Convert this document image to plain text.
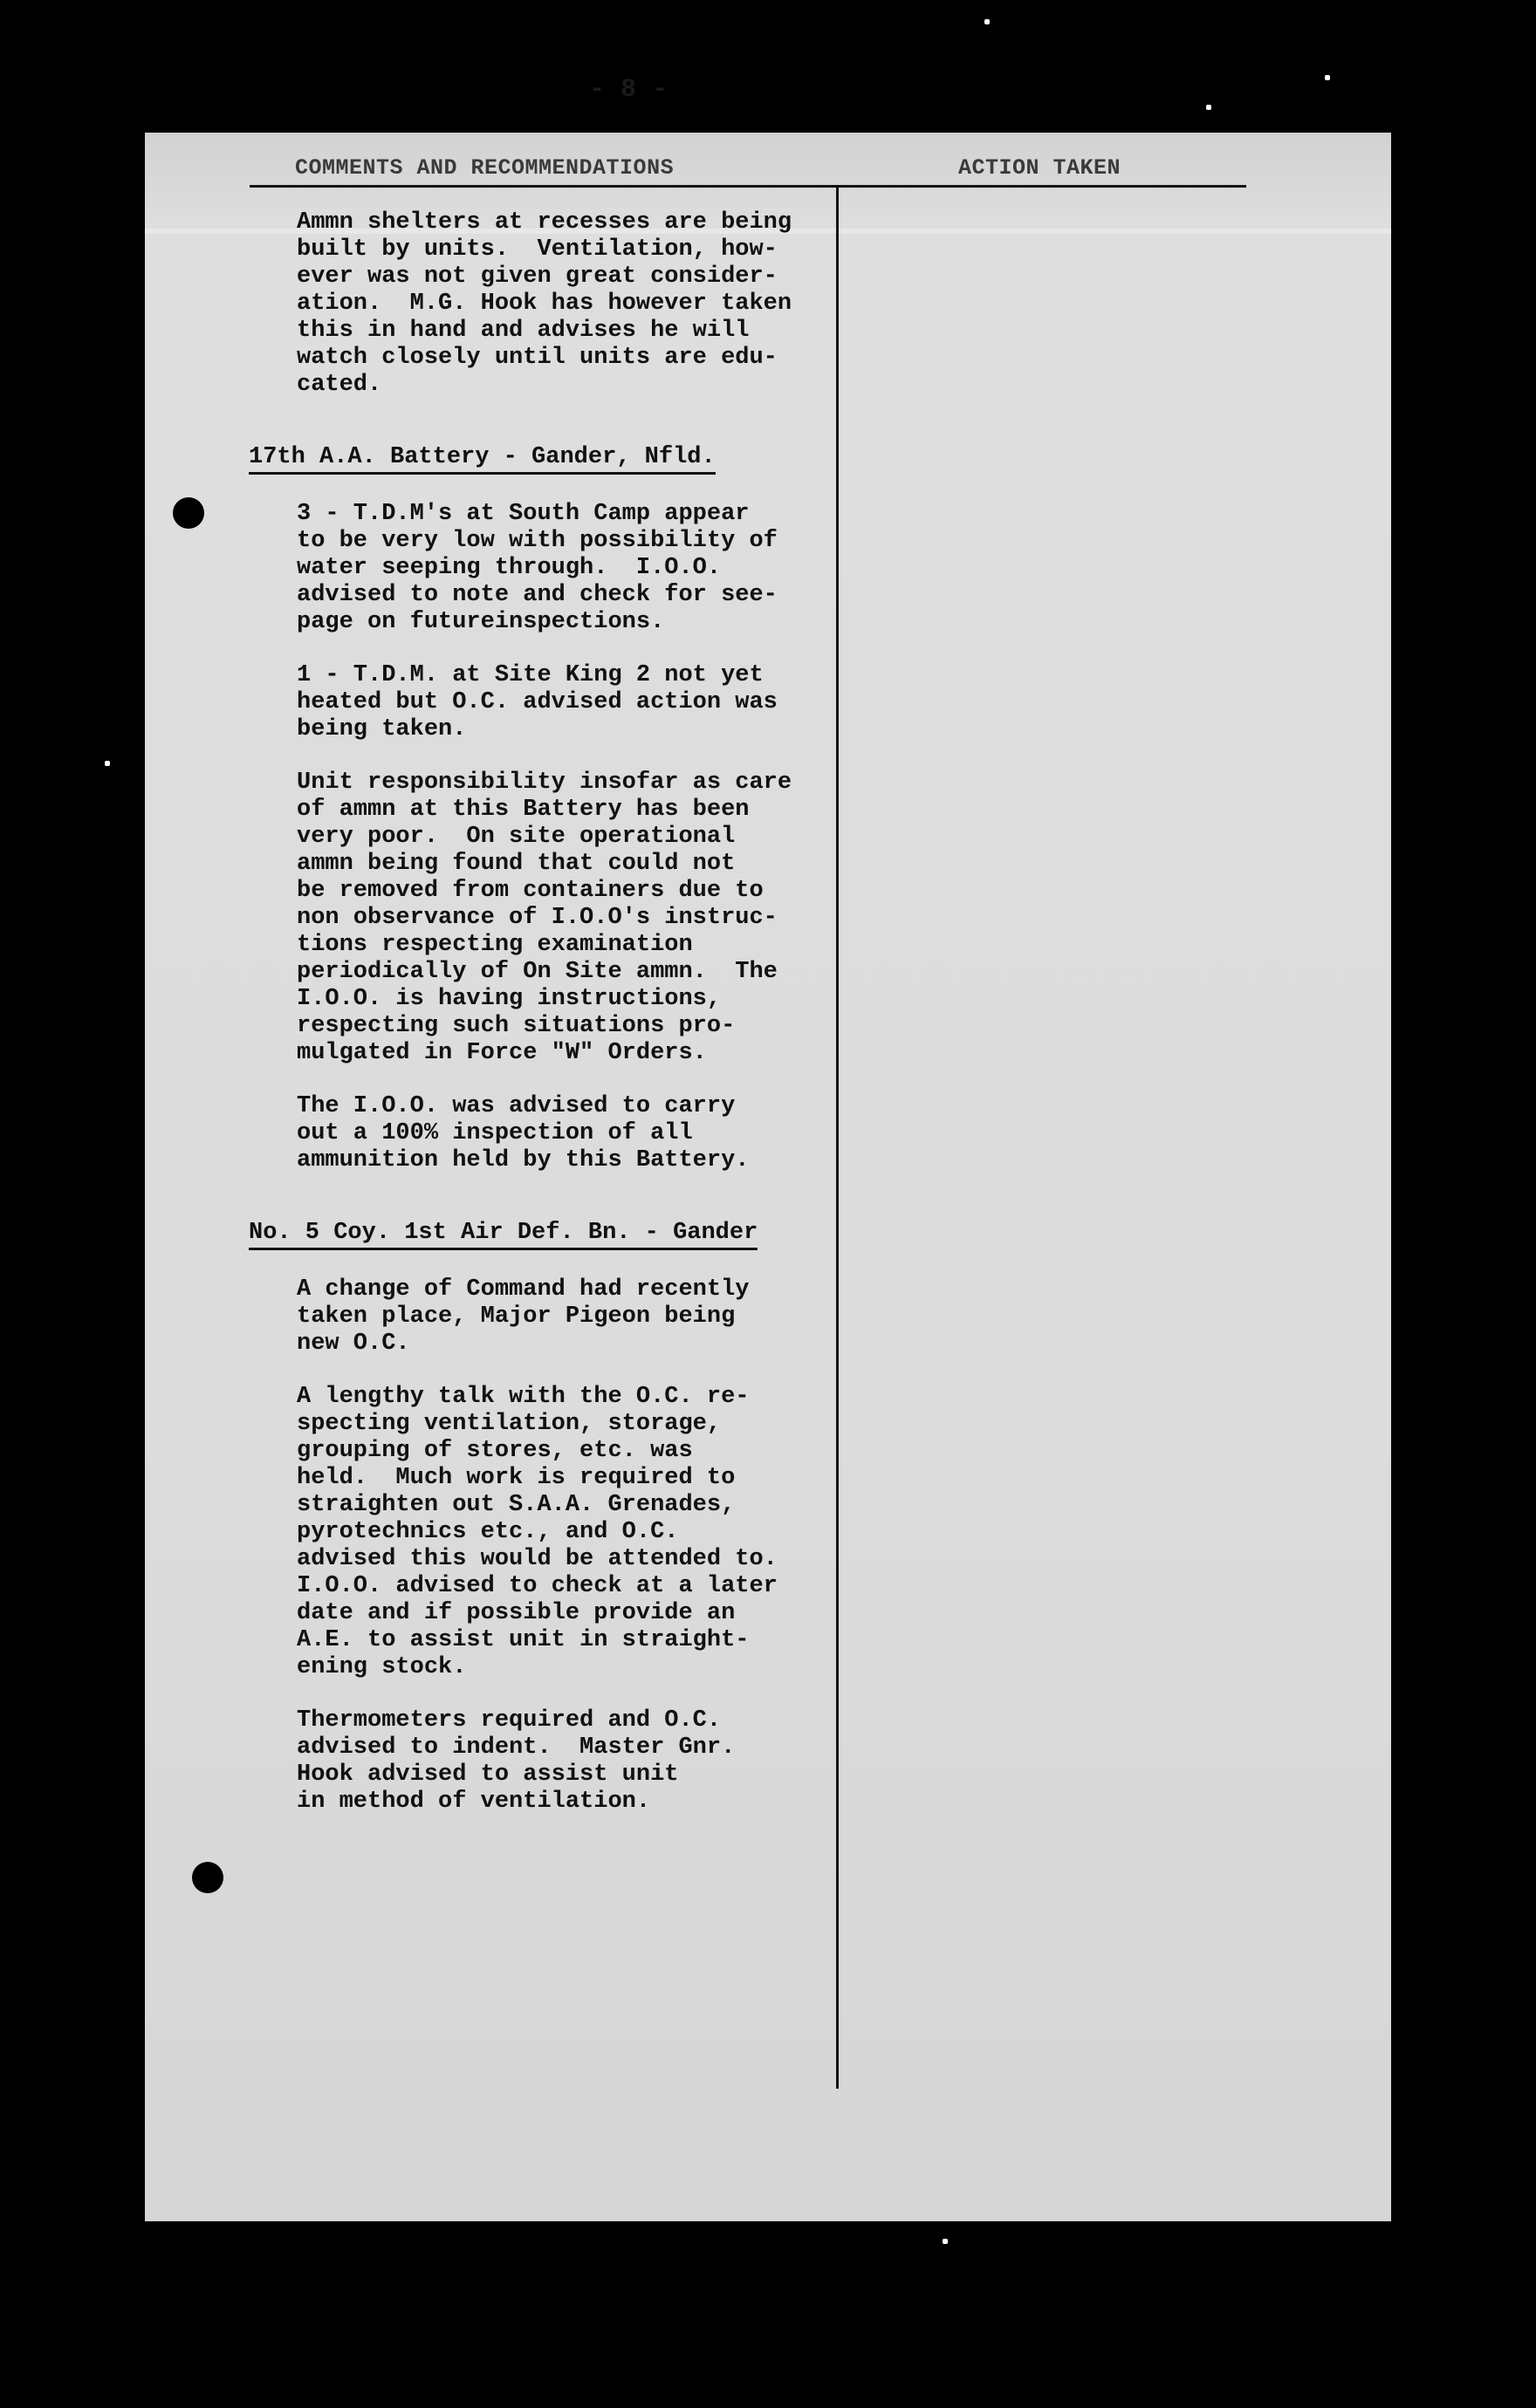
- 8 -
COMMENTS AND RECOMMENDATIONS	ACTION TAKEN
Ammn shelters at recesses are being
built by units.  Ventilation, how-
ever was not given great consider-
ation.  M.G. Hook has however taken
this in hand and advises he will
watch closely until units are edu-
cated.
17th A.A. Battery - Gander, Nfld.
3 - T.D.M's at South Camp appear
to be very low with possibility of
water seeping through.  I.O.O.
advised to note and check for see-
page on futureinspections.
1 - T.D.M. at Site King 2 not yet
heated but O.C. advised action was
being taken.
Unit responsibility insofar as care
of ammn at this Battery has been
very poor.  On site operational
ammn being found that could not
be removed from containers due to
non observance of I.O.O's instruc-
tions respecting examination
periodically of On Site ammn.  The
I.O.O. is having instructions,
respecting such situations pro-
mulgated in Force "W" Orders.
The I.O.O. was advised to carry
out a 100% inspection of all
ammunition held by this Battery.
No. 5 Coy. 1st Air Def. Bn. - Gander
A change of Command had recently
taken place, Major Pigeon being
new O.C.
A lengthy talk with the O.C. re-
specting ventilation, storage,
grouping of stores, etc. was
held.  Much work is required to
straighten out S.A.A. Grenades,
pyrotechnics etc., and O.C.
advised this would be attended to.
I.O.O. advised to check at a later
date and if possible provide an
A.E. to assist unit in straight-
ening stock.
Thermometers required and O.C.
advised to indent.  Master Gnr.
Hook advised to assist unit
in method of ventilation.
